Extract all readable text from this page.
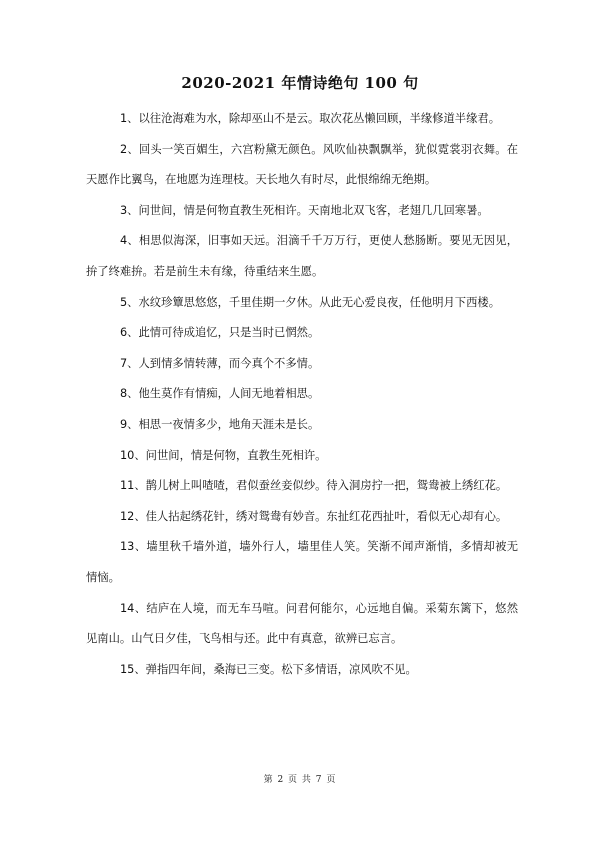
2020-2021 年情诗绝句 100 句

1、以往沧海难为水，除却巫山不是云。取次花丛懒回顾，半缘修道半缘君。

2、回头一笑百媚生，六宫粉黛无颜色。风吹仙袂飘飘举，犹似霓裳羽衣舞。在天愿作比翼鸟，在地愿为连理枝。天长地久有时尽，此恨绵绵无绝期。

3、问世间，情是何物直教生死相许。天南地北双飞客，老翅几几回寒暑。

4、相思似海深，旧事如天远。泪滴千千万万行，更使人愁肠断。要见无因见，拚了终难拚。若是前生未有缘，待重结来生愿。

5、水纹珍簟思悠悠，千里佳期一夕休。从此无心爱良夜，任他明月下西楼。

6、此情可待成追忆，只是当时已惘然。

7、人到情多情转薄，而今真个不多情。

8、他生莫作有情痴，人间无地着相思。

9、相思一夜情多少，地角天涯未是长。

10、问世间，情是何物，直教生死相许。

11、鹊儿树上叫喳喳，君似蚕丝妾似纱。待入洞房拧一把，鸳鸯被上绣红花。

12、佳人拈起绣花针，绣对鸳鸯有妙音。东扯红花西扯叶，看似无心却有心。

13、墙里秋千墙外道，墙外行人，墙里佳人笑。笑渐不闻声渐悄，多情却被无情恼。

14、结庐在人境，而无车马喧。问君何能尔，心远地自偏。采菊东篱下，悠然见南山。山气日夕佳，飞鸟相与还。此中有真意，欲辨已忘言。

15、弹指四年间，桑海已三变。松下多情语，凉风吹不见。

第 2 页 共 7 页
